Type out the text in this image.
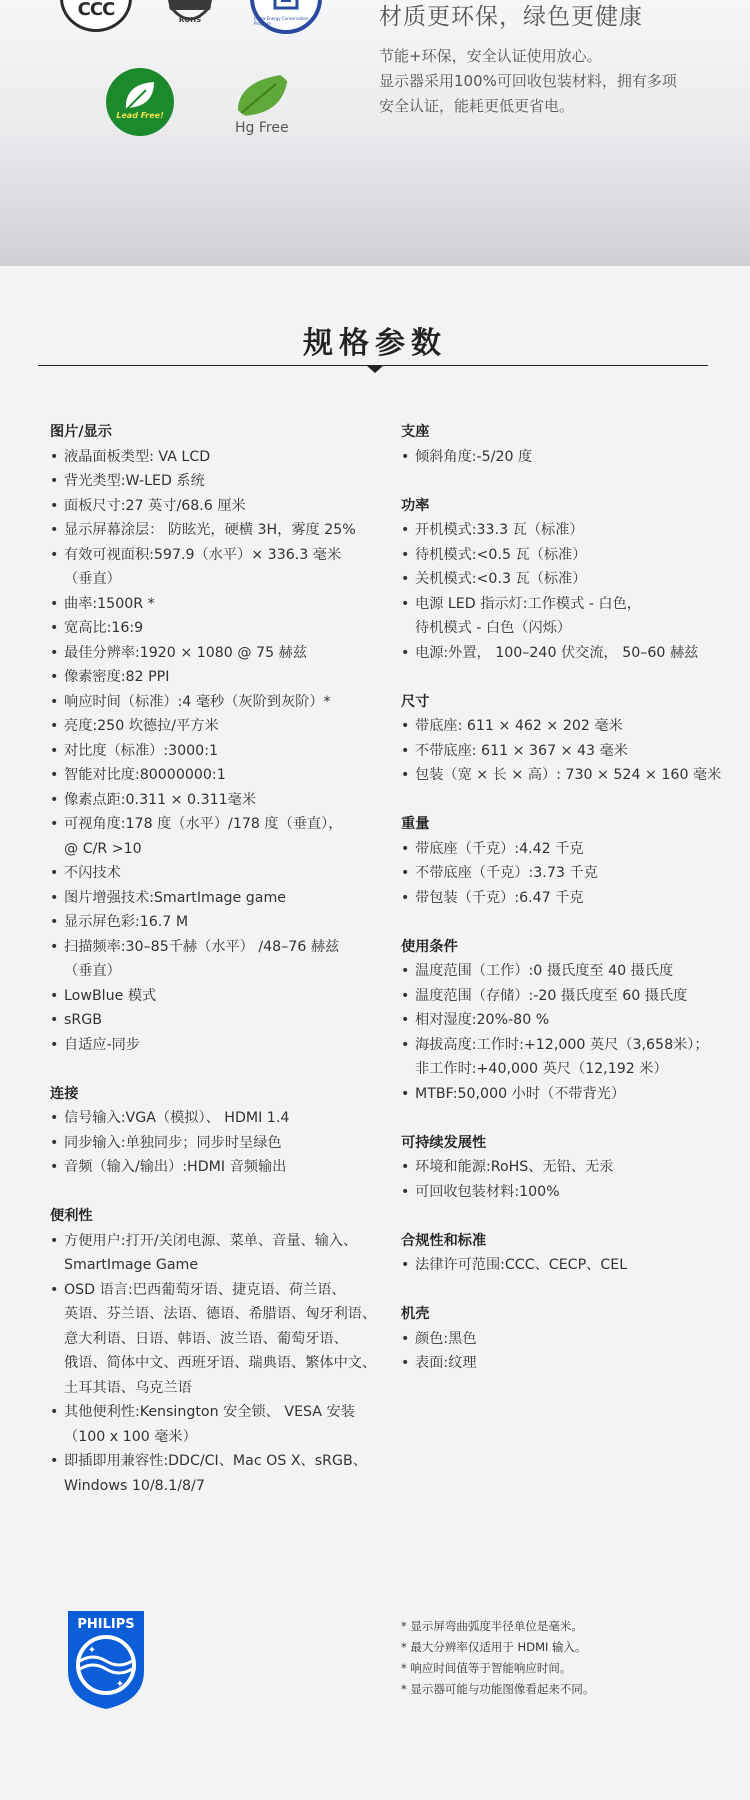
CCC
ROHS	China Energy Conservation Program
Lead Free!
Hg Free
材质更环保，绿色更健康

节能+环保，安全认证使用放心。

显示器采用100%可回收包装材料，拥有多项

安全认证，能耗更低更省电。

规格参数

图片/显示

• 液晶面板类型: VA LCD

• 背光类型:W-LED 系统

• 面板尺寸:27 英寸/68.6 厘米

• 显示屏幕涂层： 防眩光，硬横 3H，雾度 25%

• 有效可视面积:597.9（水平）× 336.3 毫米

（垂直）

• 曲率:1500R *

• 宽高比:16:9

• 最佳分辨率:1920 × 1080 @ 75 赫兹

• 像素密度:82 PPI

• 响应时间（标准）:4 毫秒（灰阶到灰阶）*

• 亮度:250 坎德拉/平方米

• 对比度（标准）:3000:1

• 智能对比度:80000000:1

• 像素点距:0.311 × 0.311毫米

• 可视角度:178 度（水平）/178 度（垂直），

@ C/R >10

• 不闪技术

• 图片增强技术:SmartImage game

• 显示屏色彩:16.7 M

• 扫描频率:30–85千赫（水平） /48–76 赫兹

（垂直）

• LowBlue 模式

• sRGB

• 自适应-同步

连接

• 信号输入:VGA（模拟）、 HDMI 1.4

• 同步输入:单独同步；同步时呈绿色

• 音频（输入/输出）:HDMI 音频输出

便利性

• 方便用户:打开/关闭电源、菜单、音量、输入、

SmartImage Game

• OSD 语言:巴西葡萄牙语、捷克语、荷兰语、

英语、芬兰语、法语、德语、希腊语、匈牙利语、

意大利语、日语、韩语、波兰语、葡萄牙语、

俄语、简体中文、西班牙语、瑞典语、繁体中文、

土耳其语、乌克兰语

• 其他便利性:Kensington 安全锁、 VESA 安装

（100 x 100 毫米）

• 即插即用兼容性:DDC/CI、Mac OS X、sRGB、

Windows 10/8.1/8/7

支座

• 倾斜角度:-5/20 度

功率

• 开机模式:33.3 瓦（标准）

• 待机模式:<0.5 瓦（标准）

• 关机模式:<0.3 瓦（标准）

• 电源 LED 指示灯:工作模式 - 白色，

待机模式 - 白色（闪烁）

• 电源:外置， 100–240 伏交流， 50–60 赫兹

尺寸

• 带底座: 611 × 462 × 202 毫米

• 不带底座: 611 × 367 × 43 毫米

• 包装（宽 × 长 × 高）: 730 × 524 × 160 毫米

重量

• 带底座（千克）:4.42 千克

• 不带底座（千克）:3.73 千克

• 带包装（千克）:6.47 千克

使用条件

• 温度范围（工作）:0 摄氏度至 40 摄氏度

• 温度范围（存储）:-20 摄氏度至 60 摄氏度

• 相对湿度:20%-80 %

• 海拔高度:工作时:+12,000 英尺（3,658米）；

非工作时:+40,000 英尺（12,192 米）

• MTBF:50,000 小时（不带背光）

可持续发展性

• 环境和能源:RoHS、无铅、无汞

• 可回收包装材料:100%

合规性和标准

• 法律许可范围:CCC、CECP、CEL

机壳

• 颜色:黑色

• 表面:纹理

PHILIPS
✦
✦

* 显示屏弯曲弧度半径单位是毫米。

* 最大分辨率仅适用于 HDMI 输入。

* 响应时间值等于智能响应时间。

* 显示器可能与功能图像看起来不同。
